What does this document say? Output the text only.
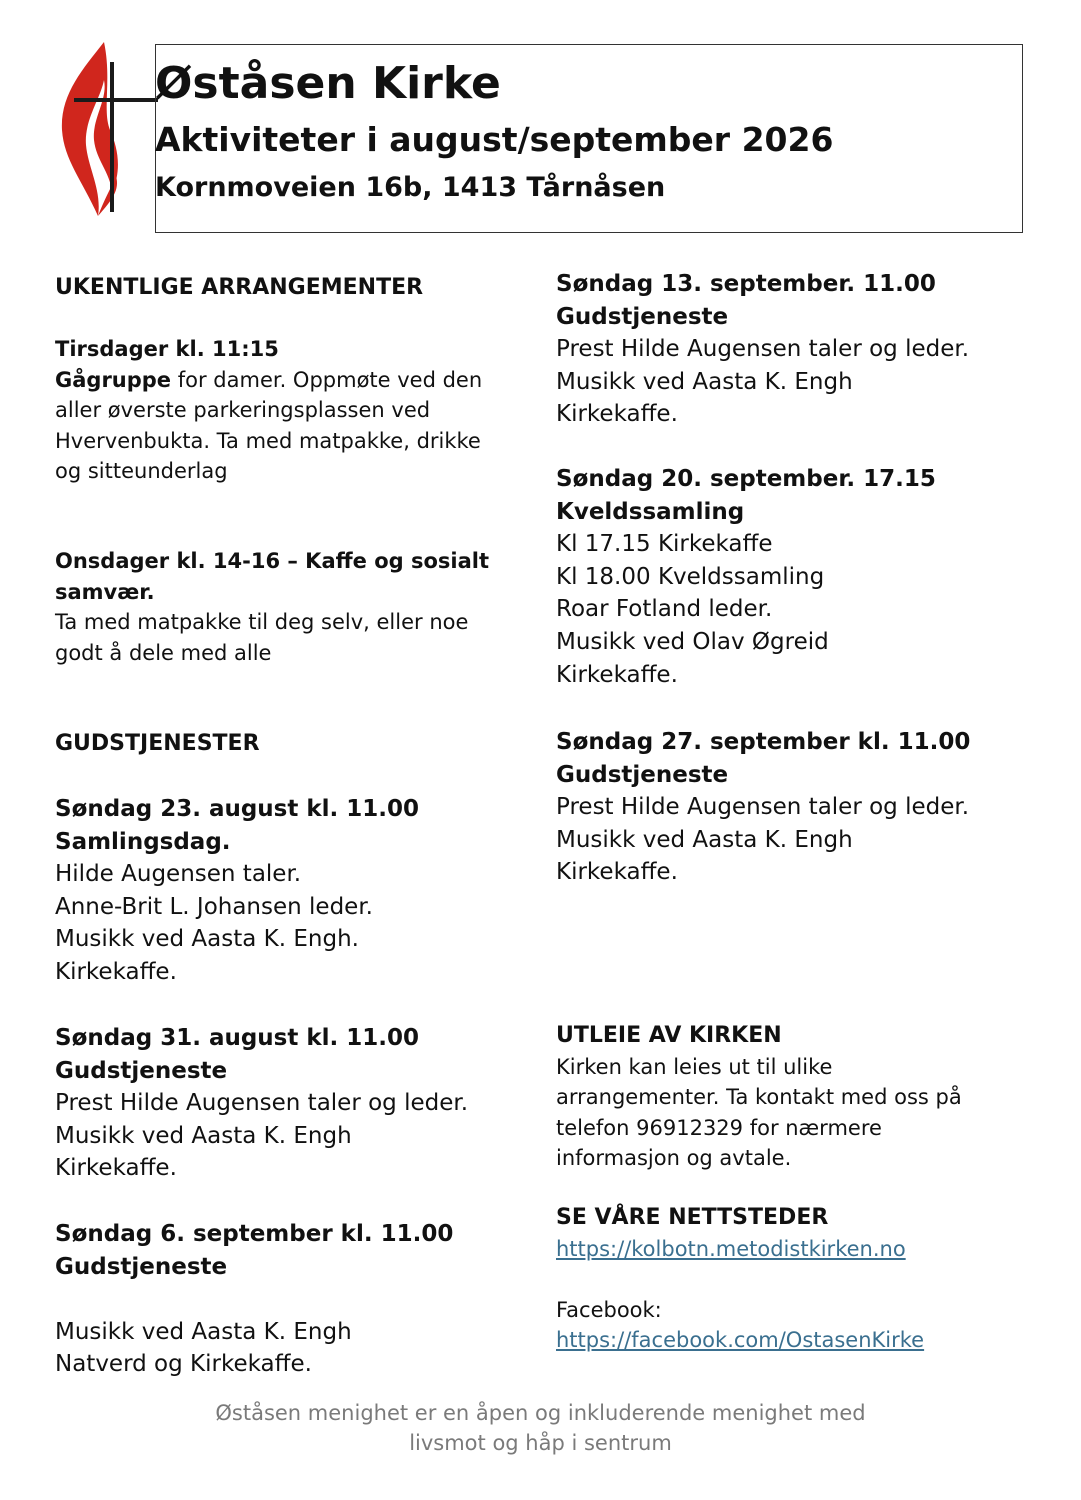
Øståsen Kirke
Aktiviteter i august/september 2026
Kornmoveien 16b, 1413 Tårnåsen
UKENTLIGE ARRANGEMENTER
Tirsdager kl. 11:15
Gågruppe for damer. Oppmøte ved den
aller øverste parkeringsplassen ved
Hvervenbukta. Ta med matpakke, drikke
og sitteunderlag
Onsdager kl. 14-16 – Kaffe og sosialt
samvær.
Ta med matpakke til deg selv, eller noe
godt å dele med alle
GUDSTJENESTER
Søndag 23. august kl. 11.00
Samlingsdag.
Hilde Augensen taler.
Anne-Brit L. Johansen leder.
Musikk ved Aasta K. Engh.
Kirkekaffe.
Søndag 31. august kl. 11.00
Gudstjeneste
Prest Hilde Augensen taler og leder.
Musikk ved Aasta K. Engh
Kirkekaffe.
Søndag 6. september kl. 11.00
Gudstjeneste
Musikk ved Aasta K. Engh
Natverd og Kirkekaffe.
Søndag 13. september. 11.00
Gudstjeneste
Prest Hilde Augensen taler og leder.
Musikk ved Aasta K. Engh
Kirkekaffe.
Søndag 20. september. 17.15
Kveldssamling
Kl 17.15 Kirkekaffe
Kl 18.00 Kveldssamling
Roar Fotland leder.
Musikk ved Olav Øgreid
Kirkekaffe.
Søndag 27. september kl. 11.00
Gudstjeneste
Prest Hilde Augensen taler og leder.
Musikk ved Aasta K. Engh
Kirkekaffe.
UTLEIE AV KIRKEN
Kirken kan leies ut til ulike
arrangementer. Ta kontakt med oss på
telefon 96912329 for nærmere
informasjon og avtale.
SE VÅRE NETTSTEDER
https://kolbotn.metodistkirken.no
Facebook:
https://facebook.com/OstasenKirke
Øståsen menighet er en åpen og inkluderende menighet med
livsmot og håp i sentrum
